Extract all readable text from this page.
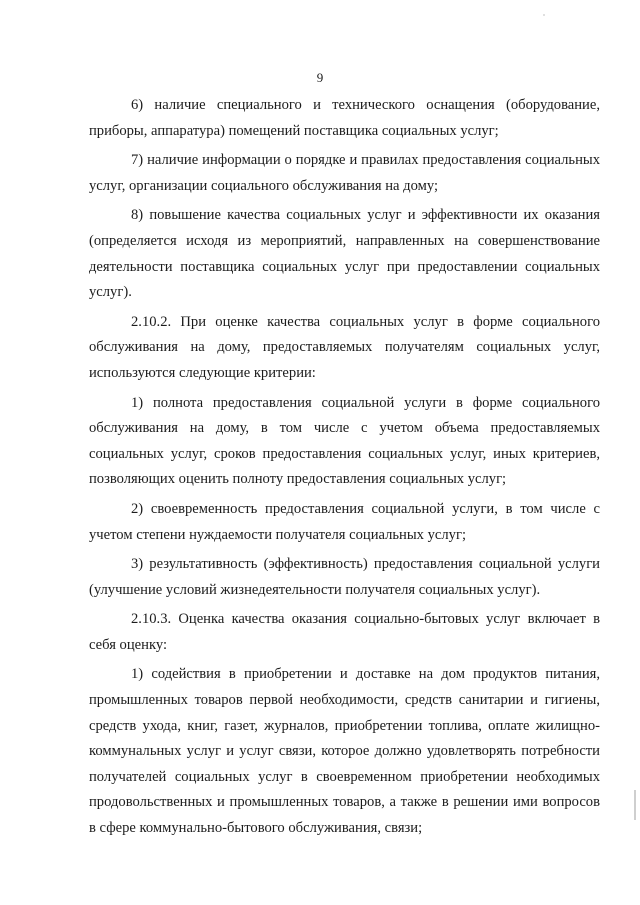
9

6) наличие специального и технического оснащения (оборудование, приборы, аппаратура) помещений поставщика социальных услуг;

7) наличие информации о порядке и правилах предоставления социальных услуг, организации социального обслуживания на дому;

8) повышение качества социальных услуг и эффективности их оказания (определяется исходя из мероприятий, направленных на совершенствование деятельности поставщика социальных услуг при предоставлении социальных услуг).

2.10.2. При оценке качества социальных услуг в форме социального обслуживания на дому, предоставляемых получателям социальных услуг, используются следующие критерии:

1) полнота предоставления социальной услуги в форме социального обслуживания на дому, в том числе с учетом объема предоставляемых социальных услуг, сроков предоставления социальных услуг, иных критериев, позволяющих оценить полноту предоставления социальных услуг;

2) своевременность предоставления социальной услуги, в том числе с учетом степени нуждаемости получателя социальных услуг;

3) результативность (эффективность) предоставления социальной услуги (улучшение условий жизнедеятельности получателя социальных услуг).

2.10.3. Оценка качества оказания социально-бытовых услуг включает в себя оценку:

1) содействия в приобретении и доставке на дом продуктов питания, промышленных товаров первой необходимости, средств санитарии и гигиены, средств ухода, книг, газет, журналов, приобретении топлива, оплате жилищно-коммунальных услуг и услуг связи, которое должно удовлетворять потребности получателей социальных услуг в своевременном приобретении необходимых продовольственных и промышленных товаров, а также в решении ими вопросов в сфере коммунально-бытового обслуживания, связи;
